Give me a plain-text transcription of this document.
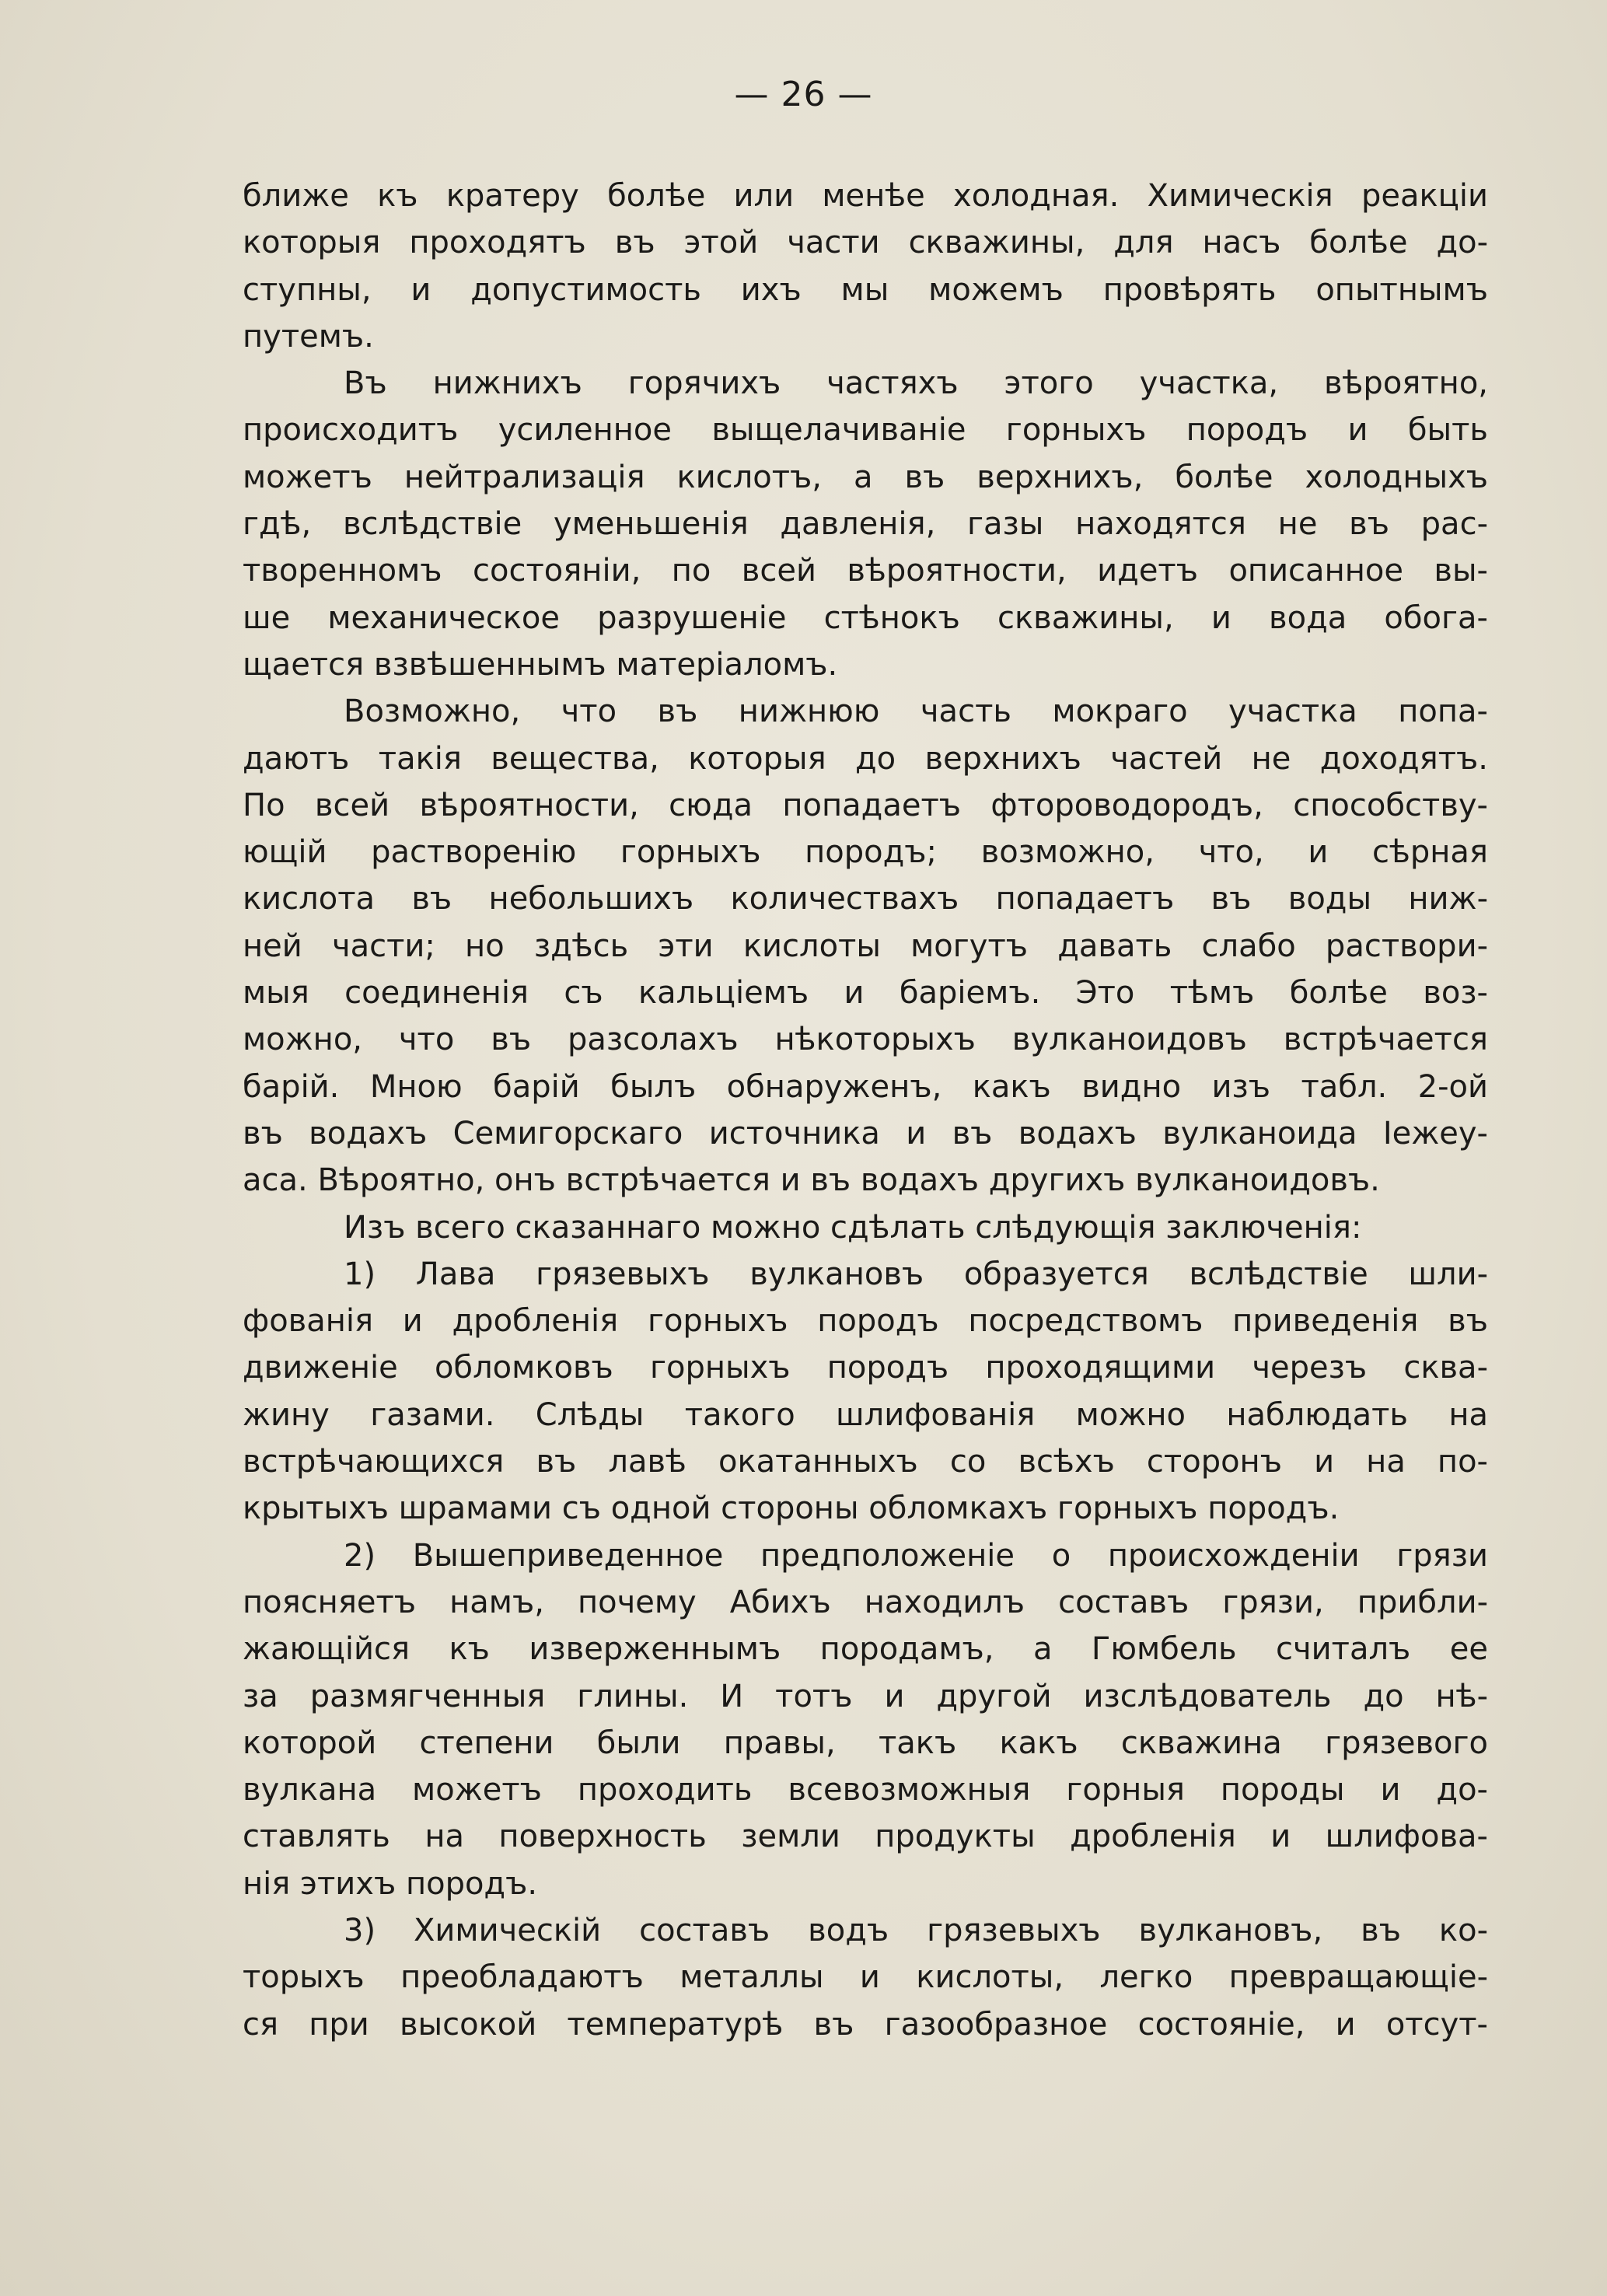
— 26 —
ближе къ кратеру болѣе или менѣе холодная. Химическія реакціи
которыя проходятъ въ этой части скважины, для насъ болѣе до-
ступны, и допустимость ихъ мы можемъ провѣрять опытнымъ
путемъ.
Въ нижнихъ горячихъ частяхъ этого участка, вѣроятно,
происходитъ усиленное выщелачиванiе горныхъ породъ и быть
можетъ нейтрализація кислотъ, а въ верхнихъ, болѣе холодныхъ
гдѣ, вслѣдствіе уменьшенія давленія, газы находятся не въ рас-
творенномъ состояніи, по всей вѣроятности, идетъ описанное вы-
ше механическое разрушеніе стѣнокъ скважины, и вода обога-
щается взвѣшеннымъ матеріаломъ.
Возможно, что въ нижнюю часть мокраго участка попа-
даютъ такія вещества, которыя до верхнихъ частей не доходятъ.
По всей вѣроятности, сюда попадаетъ фтороводородъ, способству-
ющій растворенію горныхъ породъ; возможно, что, и сѣрная
кислота въ небольшихъ количествахъ попадаетъ въ воды ниж-
ней части; но здѣсь эти кислоты могутъ давать слабо раствори-
мыя соединенія съ кальціемъ и баріемъ. Это тѣмъ болѣе воз-
можно, что въ разсолахъ нѣкоторыхъ вулканоидовъ встрѣчается
барій. Мною барій былъ обнаруженъ, какъ видно изъ табл. 2-ой
въ водахъ Семигорскаго источника и въ водахъ вулканоида Іежеу-
аса. Вѣроятно, онъ встрѣчается и въ водахъ другихъ вулканоидовъ.
Изъ всего сказаннаго можно сдѣлать слѣдующія заключенія:
1) Лава грязевыхъ вулкановъ образуется вслѣдствіе шли-
фованія и дробленія горныхъ породъ посредствомъ приведенія въ
движеніе обломковъ горныхъ породъ проходящими черезъ сква-
жину газами. Слѣды такого шлифованія можно наблюдать на
встрѣчающихся въ лавѣ окатанныхъ со всѣхъ сторонъ и на по-
крытыхъ шрамами съ одной стороны обломкахъ горныхъ породъ.
2) Вышеприведенное предположеніе о происхожденіи грязи
поясняетъ намъ, почему Абихъ находилъ составъ грязи, прибли-
жающійся къ изверженнымъ породамъ, а Гюмбель считалъ ее
за размягченныя глины. И тотъ и другой изслѣдователь до нѣ-
которой степени были правы, такъ какъ скважина грязевого
вулкана можетъ проходить всевозможныя горныя породы и до-
ставлять на поверхность земли продукты дробленія и шлифова-
нія этихъ породъ.
3) Химическій составъ водъ грязевыхъ вулкановъ, въ ко-
торыхъ преобладаютъ металлы и кислоты, легко превращающіе-
ся при высокой температурѣ въ газообразное состояніе, и отсут-
